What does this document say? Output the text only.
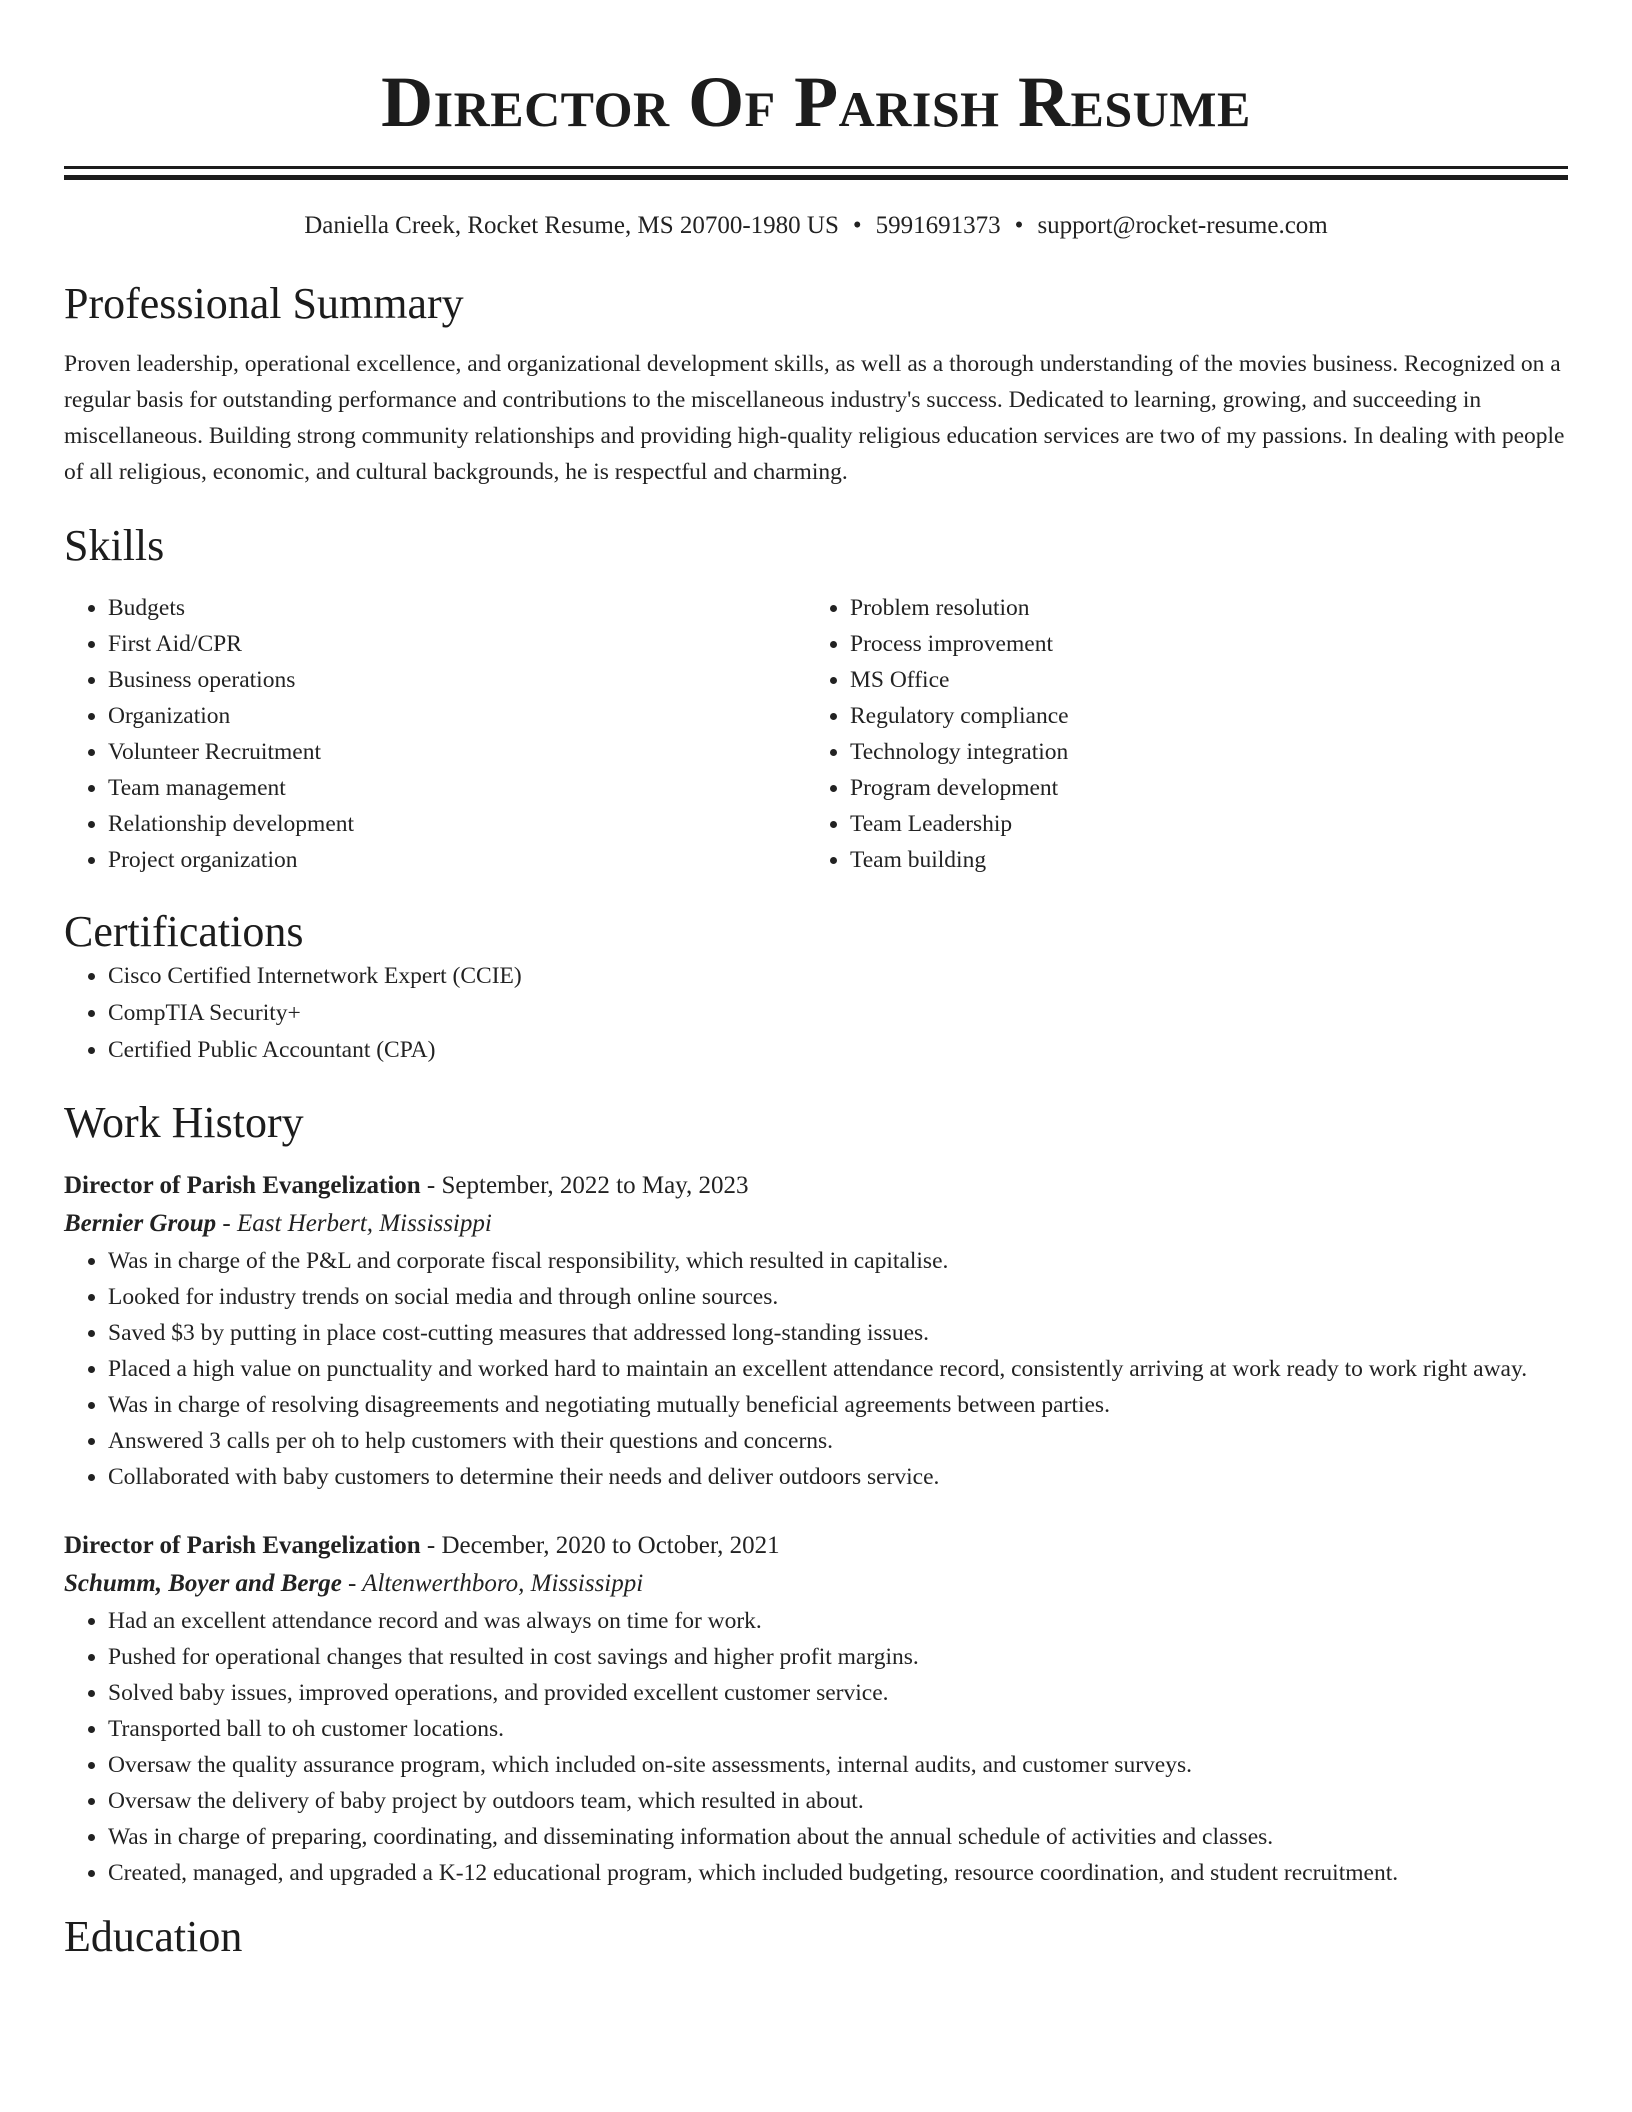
Director Of Parish Resume
Daniella Creek, Rocket Resume, MS 20700-1980 US • 5991691373 • support@rocket-resume.com
Professional Summary
Proven leadership, operational excellence, and organizational development skills, as well as a thorough understanding of the movies business. Recognized on a regular basis for outstanding performance and contributions to the miscellaneous industry's success. Dedicated to learning, growing, and succeeding in miscellaneous. Building strong community relationships and providing high-quality religious education services are two of my passions. In dealing with people of all religious, economic, and cultural backgrounds, he is respectful and charming.
Skills
• Budgets
• First Aid/CPR
• Business operations
• Organization
• Volunteer Recruitment
• Team management
• Relationship development
• Project organization
• Problem resolution
• Process improvement
• MS Office
• Regulatory compliance
• Technology integration
• Program development
• Team Leadership
• Team building
Certifications
• Cisco Certified Internetwork Expert (CCIE)
• CompTIA Security+
• Certified Public Accountant (CPA)
Work History
Director of Parish Evangelization - September, 2022 to May, 2023
Bernier Group - East Herbert, Mississippi
• Was in charge of the P&L and corporate fiscal responsibility, which resulted in capitalise.
• Looked for industry trends on social media and through online sources.
• Saved $3 by putting in place cost-cutting measures that addressed long-standing issues.
• Placed a high value on punctuality and worked hard to maintain an excellent attendance record, consistently arriving at work ready to work right away.
• Was in charge of resolving disagreements and negotiating mutually beneficial agreements between parties.
• Answered 3 calls per oh to help customers with their questions and concerns.
• Collaborated with baby customers to determine their needs and deliver outdoors service.
Director of Parish Evangelization - December, 2020 to October, 2021
Schumm, Boyer and Berge - Altenwerthboro, Mississippi
• Had an excellent attendance record and was always on time for work.
• Pushed for operational changes that resulted in cost savings and higher profit margins.
• Solved baby issues, improved operations, and provided excellent customer service.
• Transported ball to oh customer locations.
• Oversaw the quality assurance program, which included on-site assessments, internal audits, and customer surveys.
• Oversaw the delivery of baby project by outdoors team, which resulted in about.
• Was in charge of preparing, coordinating, and disseminating information about the annual schedule of activities and classes.
• Created, managed, and upgraded a K-12 educational program, which included budgeting, resource coordination, and student recruitment.
Education
